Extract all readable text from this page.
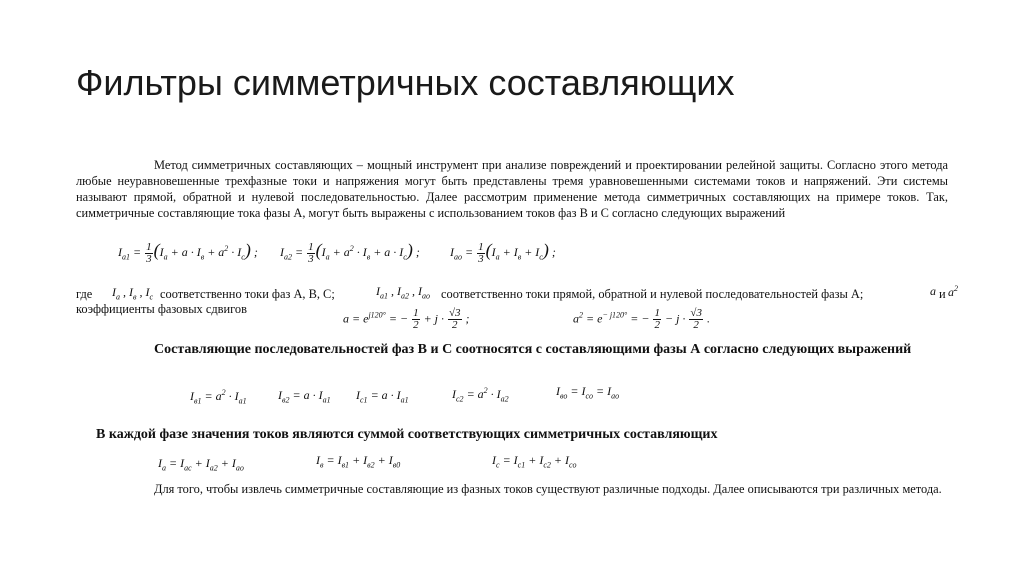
Фильтры симметричных составляющих
Метод симметричных составляющих – мощный инструмент при анализе повреждений и проектировании релейной защиты. Согласно этого метода любые неуравновешенные трехфазные токи и напряжения могут быть представлены тремя уравновешенными системами токов и напряжений. Эти системы называют прямой, обратной и нулевой последовательностью. Далее рассмотрим применение метода симметричных составляющих на примере токов. Так, симметричные составляющие тока фазы А, могут быть выражены с использованием токов фаз В и С согласно следующих выражений
$I_{a1} = \frac{1}{3} (I_a + a \cdot I_в + a^2 \cdot I_c)$ ; $I_{a2} = \frac{1}{3} (I_a + a^2 \cdot I_в + a \cdot I_c)$ ;	$I_{ao} = \frac{1}{3} (I_a + I_в + I_c)$ ;
где $I_a$ , $I_в$ , $I_c$ соответственно токи фаз А, В, С;	$I_{a1}$ , $I_{a2}$ , $I_{ao}$ соответственно токи прямой, обратной и нулевой последовательностей фазы А;	a и $a^2$
коэффициенты фазовых сдвигов
$a = e^{j120^\circ}$ = − $\frac{1}{2} + j \cdot \frac{√3}{2}$ ;	$a^2 = e^{- j120^\circ}$ = − $\frac{1}{2} - j \cdot \frac{√3}{2}$ .
Составляющие последовательностей фаз В и С соотносятся с составляющими фазы А согласно следующих выражений
$I_{в1} = a^2 \cdot I_{a1}$	$I_{в2} = a \cdot I_{a1}$ $I_{c1} = a \cdot I_{a1}$	$I_{c2} = a^2 \cdot I_{a2}$
$I_{во} = I_{co} = I_{ao}$
В каждой фазе значения токов являются суммой соответствующих симметричных составляющих
$I_a = I_{ac} + I_{a2} + I_{ao}$
$I_в = I_{в1} + I_{в2} + I_{в0}$	$I_c = I_{c1} + I_{c2} + I_{co}$
Для того, чтобы извлечь симметричные составляющие из фазных токов существуют различные подходы. Далее описываются три различных метода.
